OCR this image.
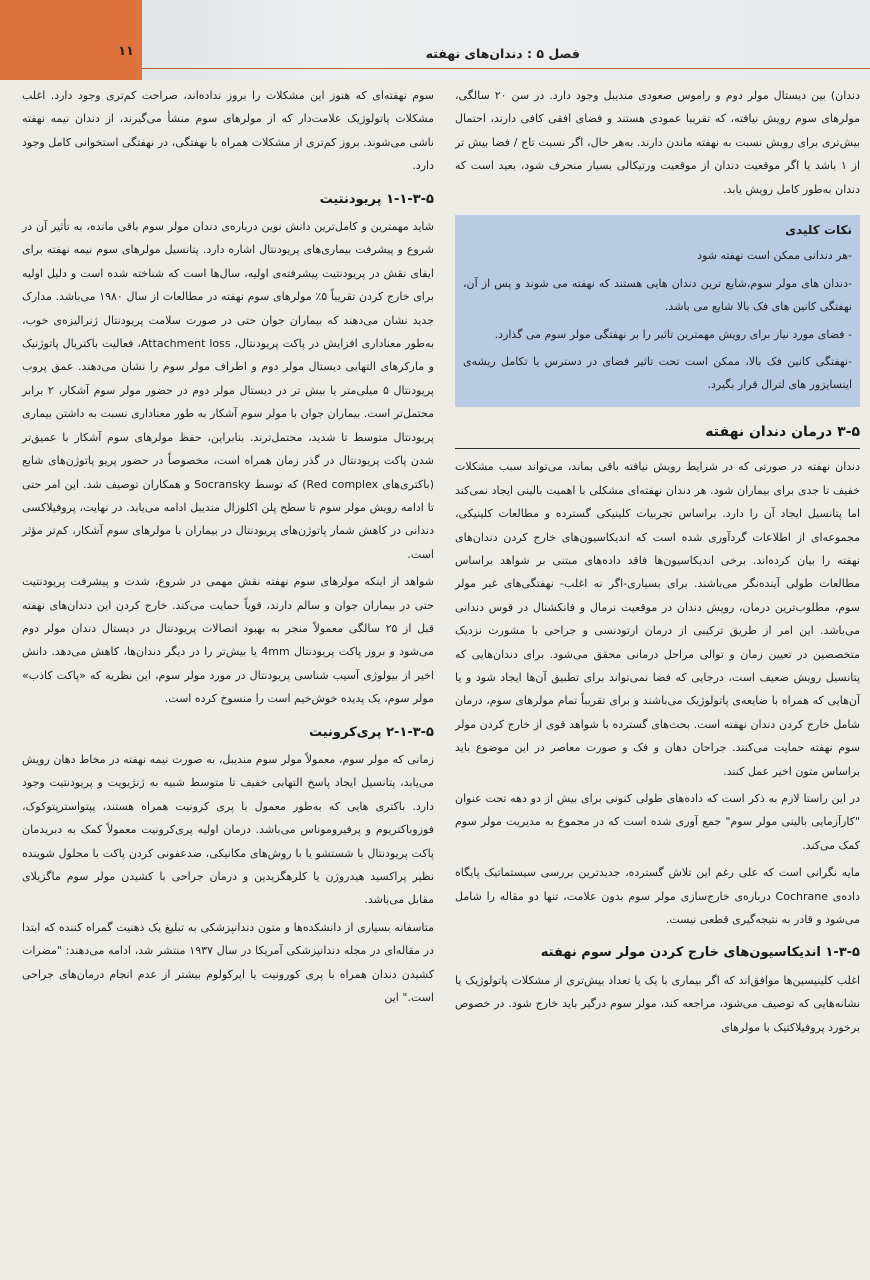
۱۱	فصل ۵ : دندان‌های نهفته

دندان) بین دیستال مولر دوم و راموس صعودی مندیبل وجود دارد. در سن ۲۰ سالگی، مولرهای سوم رویش نیافته، که تقریبا عمودی هستند و فضای افقی کافی دارند، احتمال بیش‌تری برای رویش نسبت به نهفته ماندن دارند. به‌هر حال، اگر نسبت تاج / فضا بیش تر از ۱ باشد یا اگر موقعیت دندان از موقعیت ورتیکالی بسیار منحرف شود، بعید است که دندان به‌طور کامل رویش یابد.

نکات کلیدی

-هر دندانی ممکن است نهفته شود

-دندان های مولر سوم،شایع ترین دندان هایی هستند که نهفته می شوند و پس از آن، نهفتگی کانین های فک بالا شایع می باشد.

- فضای مورد نیاز برای رویش مهمترین تاثیر را بر نهفتگی مولر سوم می گذارد.

-نهفتگی کانین فک بالا، ممکن است تحت تاثیر فضای در دسترس یا تکامل ریشه‌ی اینسایزور های لترال قرار بگیرد.

۳-۵ درمان دندان نهفته

دندان نهفته در صورتی که در شرایط رویش نیافته باقی بماند، می‌تواند سبب مشکلات خفیف تا جدی برای بیماران شود. هر دندان نهفته‌ای مشکلی با اهمیت بالینی ایجاد نمی‌کند اما پتانسیل ایجاد آن را دارد. براساس تجربیات کلینیکی گسترده و مطالعات کلینیکی، مجموعه‌ای از اطلاعات گردآوری شده است که اندیکاسیون‌های خارج کردن دندان‌های نهفته را بیان کرده‌اند. برخی اندیکاسیون‌ها فاقد داده‌های مبتنی بر شواهد براساس مطالعات طولی آینده‌نگر می‌باشند. برای بسیاری-اگر نه اغلب- نهفتگی‌های غیر مولر سوم، مطلوب‌ترین درمان، رویش دندان در موقعیت نرمال و فانکشنال در قوس دندانی می‌باشد. این امر از طریق ترکیبی از درمان ارتودنسی و جراحی با مشورت نزدیک متخصصین در تعیین زمان و توالی مراحل درمانی محقق می‌شود. برای دندان‌هایی که پتانسیل رویش ضعیف است، درجایی که فضا نمی‌تواند برای تطبیق آن‌ها ایجاد شود و یا آن‌هایی که همراه با ضایعه‌ی پاتولوژیک می‌باشند و برای تقریباً تمام مولرهای سوم، درمان شامل خارج کردن دندان نهفته است. بحث‌های گسترده با شواهد قوی از خارج کردن مولر سوم نهفته حمایت می‌کنند. جراحان دهان و فک و صورت معاصر در این موضوع باید براساس متون اخیر عمل کنند.

در این راستا لازم به ذکر است که داده‌های طولی کنونی برای بیش از دو دهه تحت عنوان "کارآزمایی بالینی مولر سوم" جمع آوری شده است که در مجموع به مدیریت مولر سوم کمک می‌کند.

مایه نگرانی است که علی رغم این تلاش گسترده، جدیدترین بررسی سیستماتیک پایگاه داده‌ی Cochrane درباره‌ی خارج‌سازی مولر سوم بدون علامت، تنها دو مقاله را شامل می‌شود و قادر به نتیجه‌گیری قطعی نیست.

۱-۳-۵ اندیکاسیون‌های خارج کردن مولر سوم نهفته

اغلب کلینیسین‌ها موافق‌اند که اگر بیماری با یک یا تعداد بیش‌تری از مشکلات پاتولوژیک یا نشانه‌هایی که توصیف می‌شود، مراجعه کند، مولر سوم درگیر باید خارج شود. در خصوص برخورد پروفیلاکتیک با مولرهای

سوم نهفته‌ای که هنوز این مشکلات را بروز نداده‌اند، صراحت کم‌تری وجود دارد. اغلب مشکلات پاتولوژیک علامت‌دار که از مولرهای سوم منشأ می‌گیرند، از دندان نیمه نهفته ناشی می‌شوند. بروز کم‌تری از مشکلات همراه با نهفتگی، در نهفتگی استخوانی کامل وجود دارد.

۱-۱-۳-۵ پریودنتیت

شاید مهمترین و کامل‌ترین دانش نوین درباره‌ی دندان مولر سوم باقی مانده، به تأثیر آن در شروع و پیشرفت بیماری‌های پریودنتال اشاره دارد. پتانسیل مولرهای سوم نیمه نهفته برای ایفای نقش در پریودنتیت پیشرفته‌ی اولیه، سال‌ها است که شناخته شده است و دلیل اولیه برای خارج کردن تقریباً ۵٪ مولرهای سوم نهفته در مطالعات از سال ۱۹۸۰ می‌باشد. مدارک جدید نشان می‌دهند که بیماران جوان حتی در صورت سلامت پریودنتال ژنرالیزه‌ی خوب، به‌طور معناداری افزایش در پاکت پریودنتال، Attachment loss، فعالیت باکتریال پاتوژنیک و مارکرهای التهابی دیستال مولر دوم و اطراف مولر سوم را نشان می‌دهند. عمق پروب پریودنتال ۵ میلی‌متر یا بیش تر در دیستال مولر دوم در حضور مولر سوم آشکار، ۲ برابر محتمل‌تر است. بیماران جوان با مولر سوم آشکار به طور معناداری نسبت به داشتن بیماری پریودنتال متوسط تا شدید، محتمل‌ترند. بنابراین، حفظ مولرهای سوم آشکار با عمیق‌تر شدن پاکت پریودنتال در گذر زمان همراه است، مخصوصاً در حضور پریو پاتوژن‌های شایع (باکتری‌های Red complex) که توسط Socransky و همکاران توصیف شد. این امر حتی تا ادامه رویش مولر سوم تا سطح پلن اکلوزال مندیبل ادامه می‌یابد. در نهایت، پروفیلاکسی دندانی در کاهش شمار پاتوژن‌های پریودنتال در بیماران با مولرهای سوم آشکار، کم‌تر مؤثر است.

شواهد از اینکه مولرهای سوم نهفته نقش مهمی در شروع، شدت و پیشرفت پریودنتیت حتی در بیماران جوان و سالم دارند، قویاً حمایت می‌کند. خارج کردن این دندان‌های نهفته قبل از ۲۵ سالگی معمولاً منجر به بهبود اتصالات پریودنتال در دیستال دندان مولر دوم می‌شود و بروز پاکت پریودنتال 4mm یا بیش‌تر را در دیگر دندان‌ها، کاهش می‌دهد. دانش اخیر از بیولوژی آسیب شناسی پریودنتال در مورد مولر سوم، این نظریه که «پاکت کاذب» مولر سوم، یک پدیده خوش‌خیم است را منسوخ کرده است.

۲-۱-۳-۵ پری‌کرونیت

زمانی که مولر سوم، معمولاً مولر سوم مندیبل، به صورت نیمه نهفته در مخاط دهان رویش می‌یابد، پتانسیل ایجاد پاسخ التهابی خفیف تا متوسط شبیه به ژنژیویت و پریودنتیت وجود دارد. باکتری هایی که به‌طور معمول با پری کرونیت همراه هستند، پپتواسترپتوکوک، فوزوباکتریوم و پرفیروموناس می‌باشد. درمان اولیه پری‌کرونیت معمولاً کمک به دبریدمان پاکت پریودنتال با شستشو یا با روش‌های مکانیکی، ضدعفونی کردن پاکت با محلول شوینده نظیر پراکسید هیدروژن یا کلرهگزیدین و درمان جراحی با کشیدن مولر سوم ماگزیلای مقابل می‌باشد.

متاسفانه بسیاری از دانشکده‌ها و متون دندانپزشکی به تبلیغ یک ذهنیت گمراه کننده که ابتدا در مقاله‌ای در مجله دندانپزشکی آمریکا در سال ۱۹۳۷ منتشر شد، ادامه می‌دهند: "مضرات کشیدن دندان همراه با پری کورونیت یا اپرکولوم بیشتر از عدم انجام درمان‌های جراحی است." این
